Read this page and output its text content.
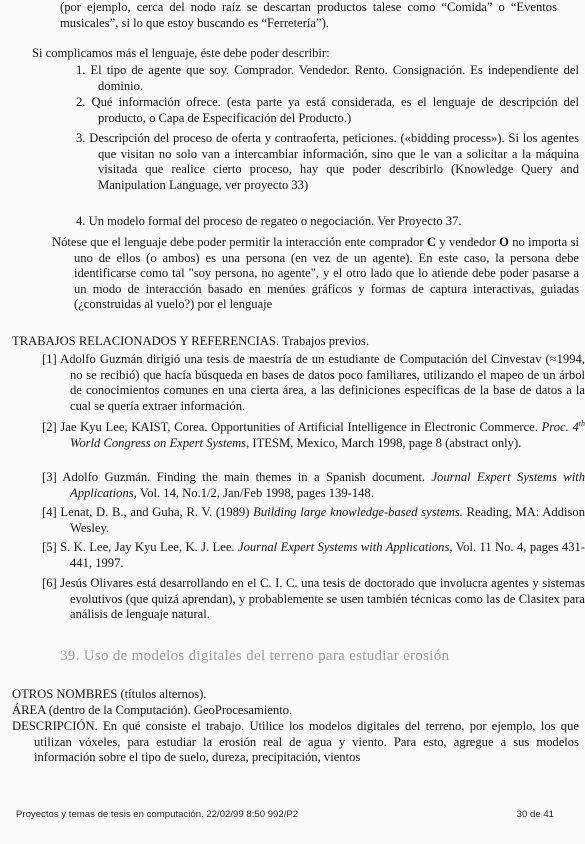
(por ejemplo, cerca del nodo raíz se descartan productos talese como “Comida” o “Eventos musicales”, si lo que estoy buscando es “Ferretería”).

Si complicamos más el lenguaje, éste debe poder describir:

1. El tipo de agente que soy. Comprador. Vendedor. Rento. Consignación. Es independiente del dominio.

2. Qué información ofrece. (esta parte ya está considerada, es el lenguaje de descripción del producto, o Capa de Especificación del Producto.)

3. Descripción del proceso de oferta y contraoferta, peticiones. («bidding process»). Si los agentes que visitan no solo van a intercambiar información, sino que le van a solicitar a la máquina visitada que realice cierto proceso, hay que poder describirlo (Knowledge Query and Manipulation Language, ver proyecto 33)

4. Un modelo formal del proceso de regateo o negociación. Ver Proyecto 37.

Nótese que el lenguaje debe poder permitir la interacción ente comprador C y vendedor O no importa si uno de ellos (o ambos) es una persona (en vez de un agente). En este caso, la persona debe identificarse como tal "soy persona, no agente", y el otro lado que lo atiende debe poder pasarse a un modo de interacción basado en menúes gráficos y formas de captura interactivas, guiadas (¿construidas al vuelo?) por el lenguaje

TRABAJOS RELACIONADOS Y REFERENCIAS. Trabajos previos.

[1] Adolfo Guzmán dirigió una tesis de maestría de un estudiante de Computación del Cinvestav (≈1994, no se recibió) que hacía búsqueda en bases de datos poco familiares, utilizando el mapeo de un árbol de conocimientos comunes en una cierta área, a las definiciones específicas de la base de datos a la cual se quería extraer información.

[2] Jae Kyu Lee, KAIST, Corea. Opportunities of Artificial Intelligence in Electronic Commerce. Proc. 4th World Congress on Expert Systems, ITESM, Mexico, March 1998, page 8 (abstract only).

[3] Adolfo Guzmán. Finding the main themes in a Spanish document. Journal Expert Systems with Applications, Vol. 14, No.1/2, Jan/Feb 1998, pages 139-148.

[4] Lenat, D. B., and Guha, R. V. (1989) Building large knowledge-based systems. Reading, MA: Addison Wesley.

[5] S. K. Lee, Jay Kyu Lee, K. J. Lee. Journal Expert Systems with Applications, Vol. 11 No. 4, pages 431-441, 1997.

[6] Jesús Olivares está desarrollando en el C. I. C. una tesis de doctorado que involucra agentes y sistemas evolutivos (que quizá aprendan), y probablemente se usen también técnicas como las de Clasitex para análisis de lenguaje natural.

39. Uso de modelos digitales del terreno para estudiar erosión

OTROS NOMBRES (títulos alternos).

ÁREA (dentro de la Computación). GeoProcesamiento.

DESCRIPCIÓN. En qué consiste el trabajo. Utilice los modelos digitales del terreno, por ejemplo, los que utilizan vóxeles, para estudiar la erosión real de agua y viento. Para esto, agregue a sus modelos información sobre el tipo de suelo, dureza, precipitación, vientos

Proyectos y temas de tesis en computación. 22/02/99 8:50 992/P2	30 de 41
